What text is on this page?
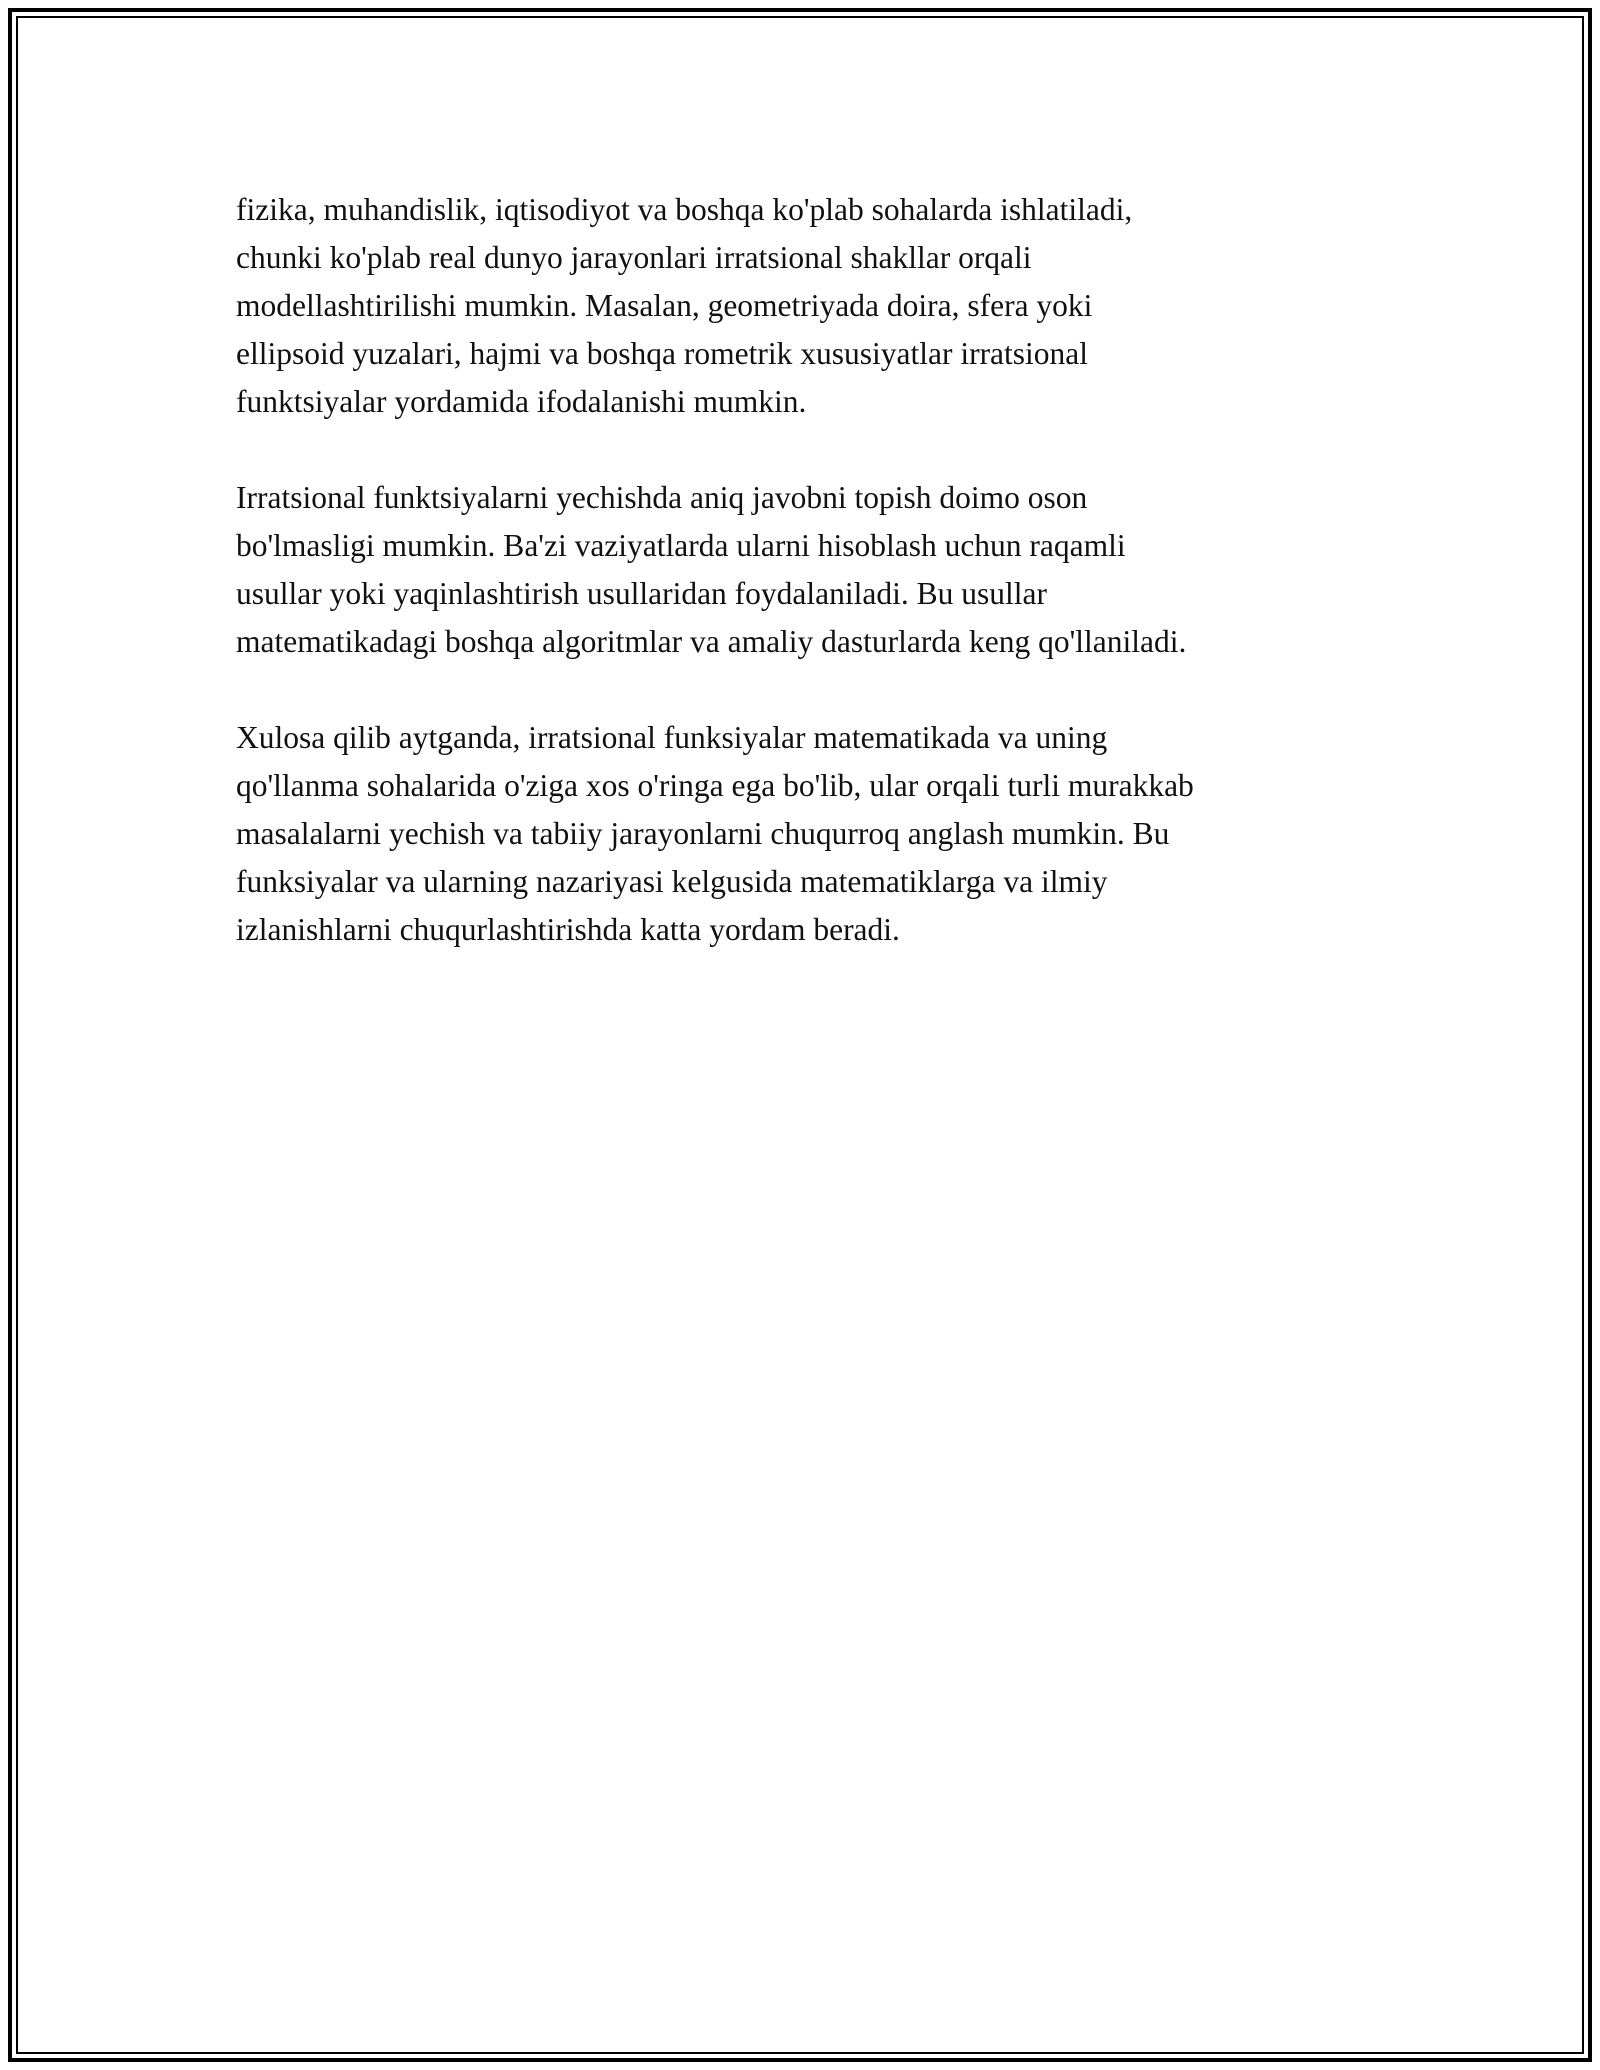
fizika, muhandislik, iqtisodiyot va boshqa ko'plab sohalarda ishlatiladi,
chunki ko'plab real dunyo jarayonlari irratsional shakllar orqali
modellashtirilishi mumkin. Masalan, geometriyada doira, sfera yoki
ellipsoid yuzalari, hajmi va boshqa rometrik xususiyatlar irratsional
funktsiyalar yordamida ifodalanishi mumkin.

Irratsional funktsiyalarni yechishda aniq javobni topish doimo oson
bo'lmasligi mumkin. Ba'zi vaziyatlarda ularni hisoblash uchun raqamli
usullar yoki yaqinlashtirish usullaridan foydalaniladi. Bu usullar
matematikadagi boshqa algoritmlar va amaliy dasturlarda keng qo'llaniladi.

Xulosa qilib aytganda, irratsional funksiyalar matematikada va uning
qo'llanma sohalarida o'ziga xos o'ringa ega bo'lib, ular orqali turli murakkab
masalalarni yechish va tabiiy jarayonlarni chuqurroq anglash mumkin. Bu
funksiyalar va ularning nazariyasi kelgusida matematiklarga va ilmiy
izlanishlarni chuqurlashtirishda katta yordam beradi.
